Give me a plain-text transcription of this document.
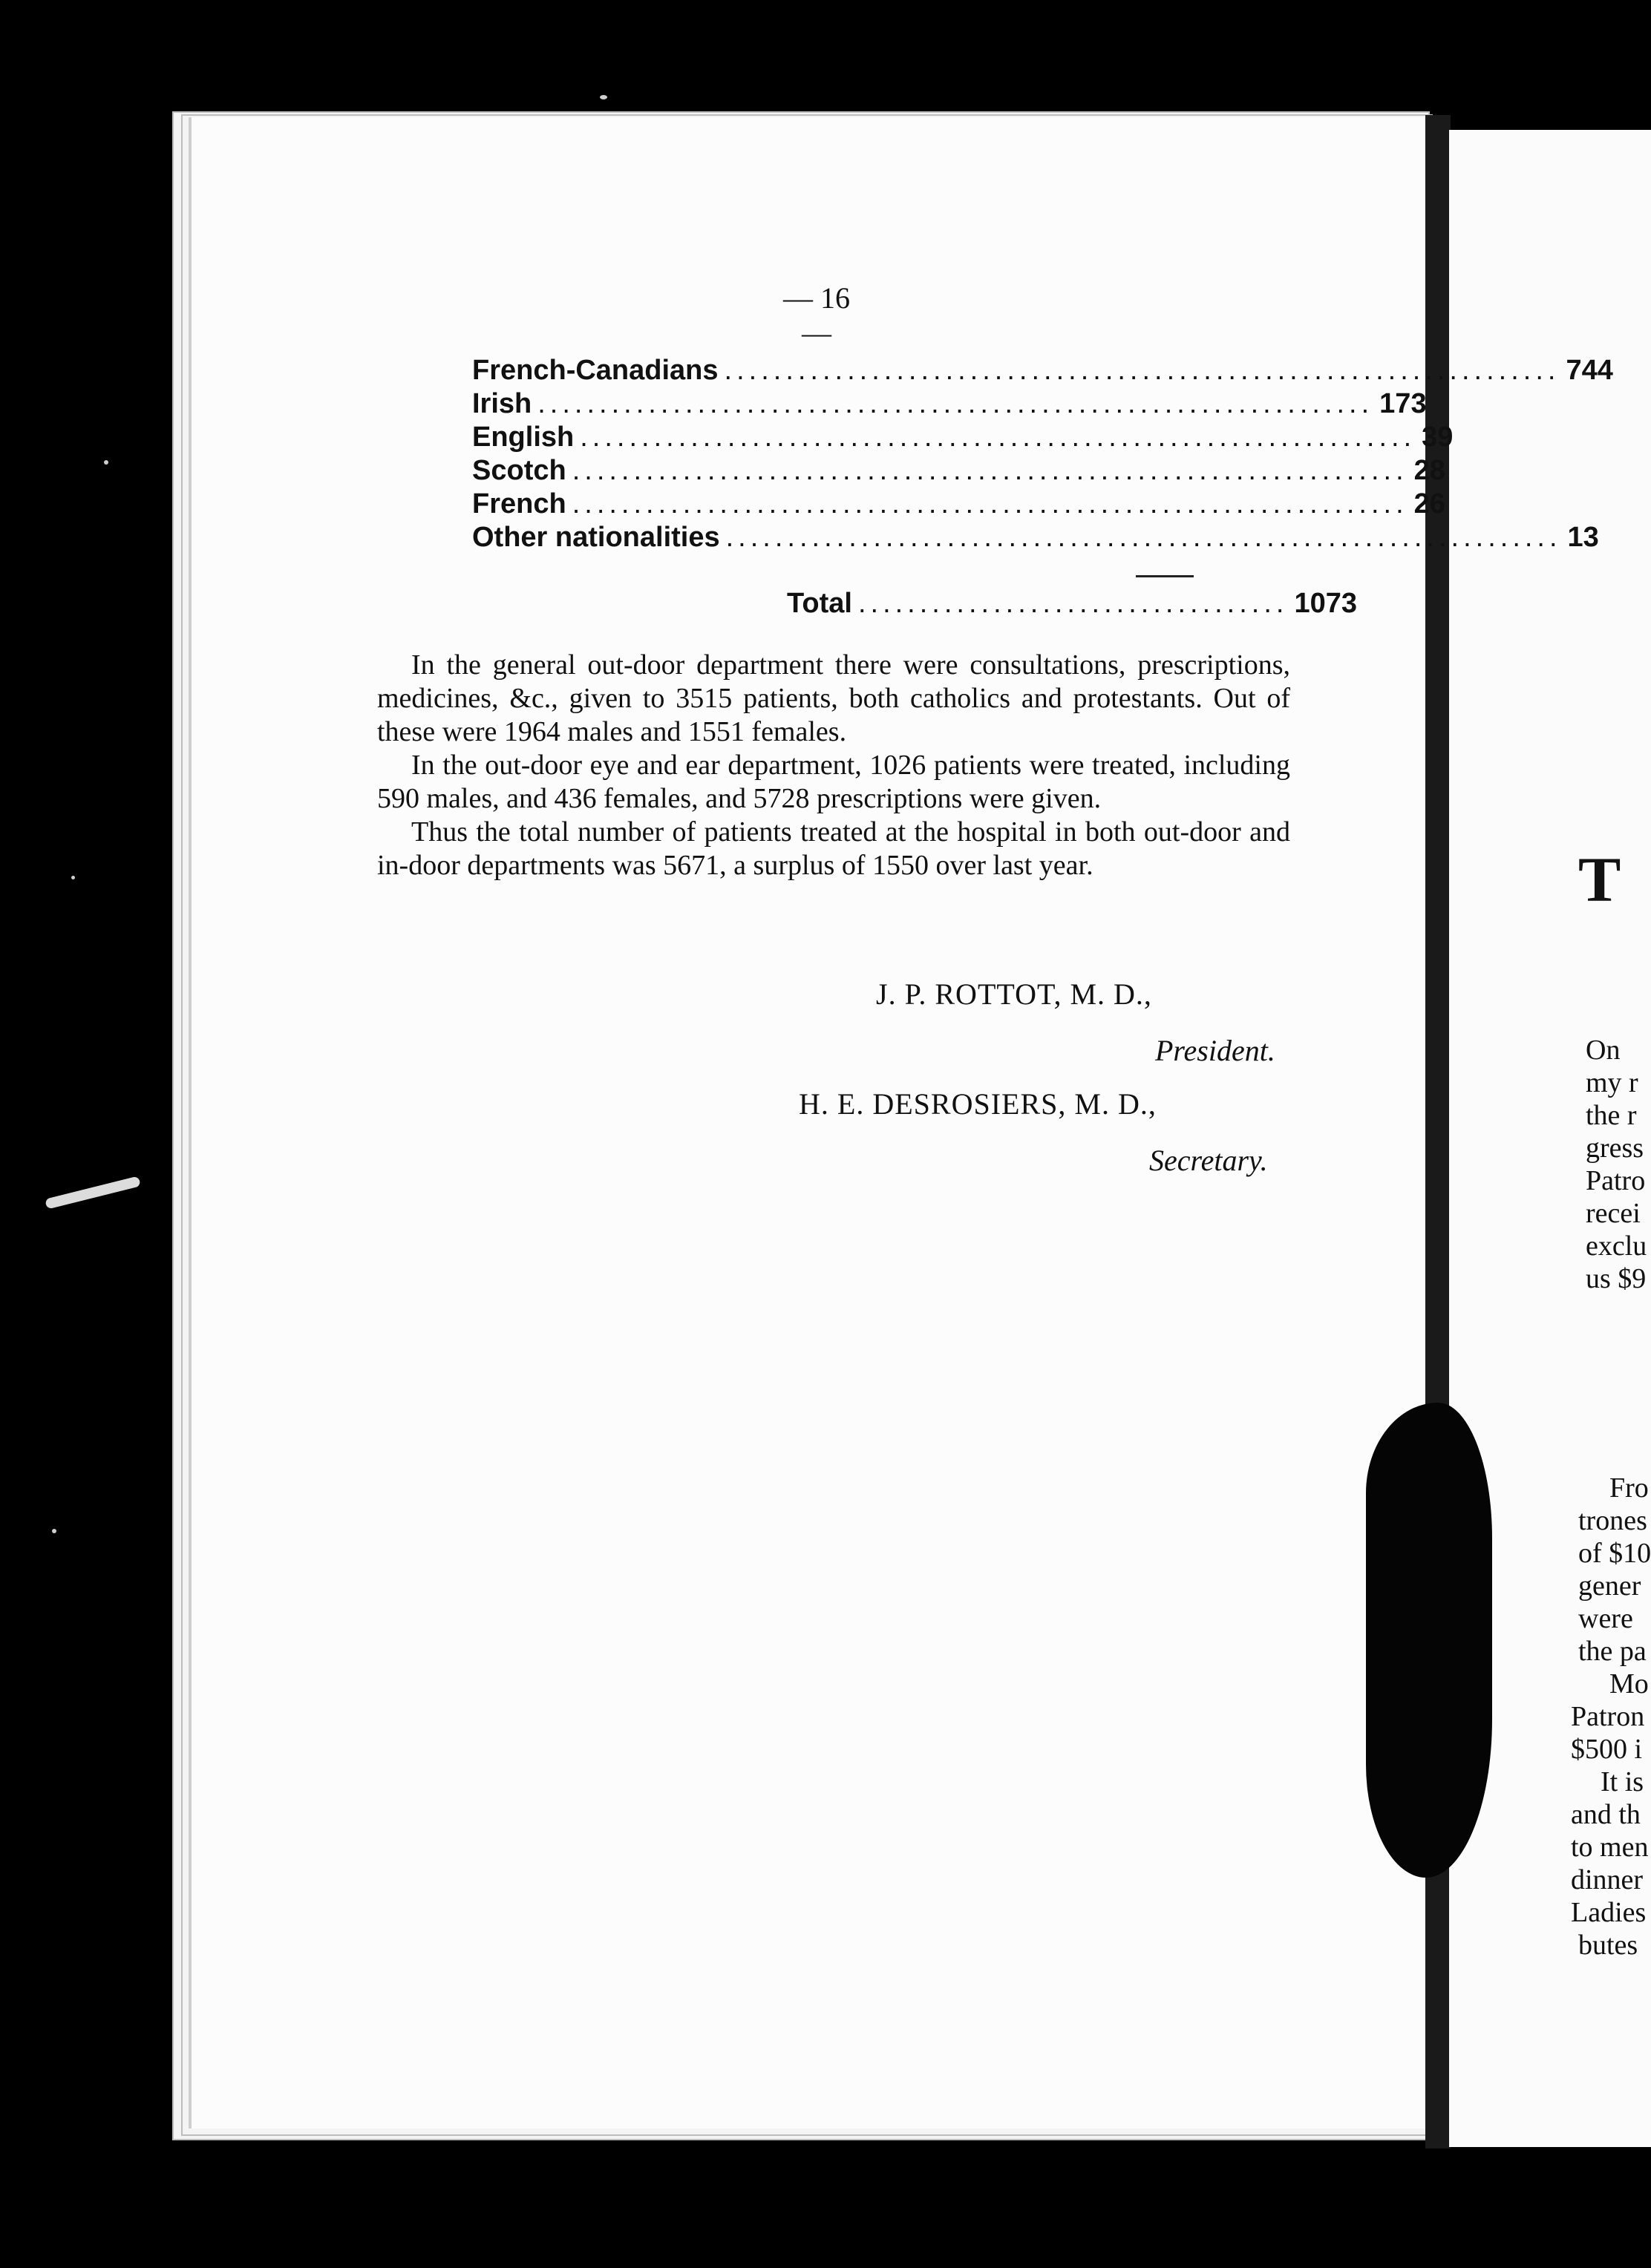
T
On
my r
the r
gress
Patro
recei
exclu
us $9
Fro
trones
of $10
gener
were
the pa
Mo
Patron
$500 i
It is
and th
to men
dinner
Ladies
butes
— 16 —
French-Canadians .................................................................... 744
Irish .................................................................... 173
English .................................................................... 39
Scotch .................................................................... 28
French .................................................................... 26
Other nationalities .................................................................... 13
Total ................................... 1073

In the general out-door department there were consultations, prescriptions, medicines, &c., given to 3515 patients, both catholics and protestants. Out of these were 1964 males and 1551 females.

In the out-door eye and ear department, 1026 patients were treated, including 590 males, and 436 females, and 5728 prescriptions were given.

Thus the total number of patients treated at the hospital in both out-door and in-door departments was 5671, a surplus of 1550 over last year.

J. P. ROTTOT, M. D.,
President.
H. E. DESROSIERS, M. D.,
Secretary.
